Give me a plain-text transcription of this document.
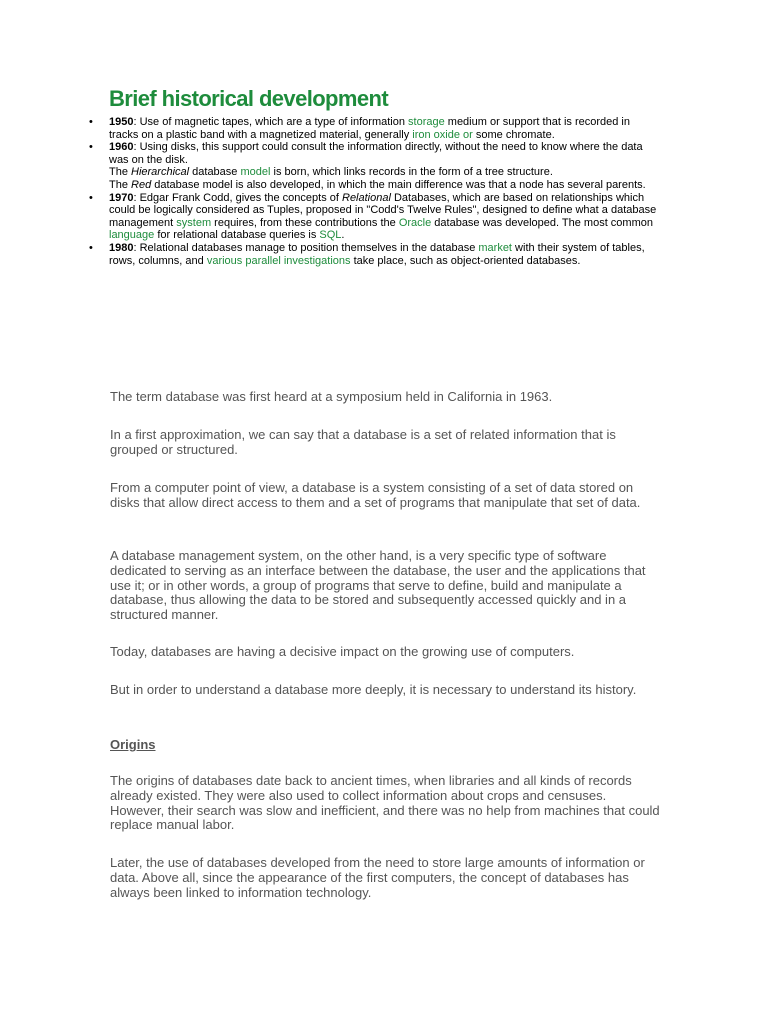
Brief historical development
• 1950: Use of magnetic tapes, which are a type of information storage medium or support that is recorded in tracks on a plastic band with a magnetized material, generally iron oxide or some chromate.
• 1960: Using disks, this support could consult the information directly, without the need to know where the data was on the disk.
The Hierarchical database model is born, which links records in the form of a tree structure.
The Red database model is also developed, in which the main difference was that a node has several parents.
• 1970: Edgar Frank Codd, gives the concepts of Relational Databases, which are based on relationships which could be logically considered as Tuples, proposed in "Codd's Twelve Rules", designed to define what a database management system requires, from these contributions the Oracle database was developed. The most common language for relational database queries is SQL.
• 1980: Relational databases manage to position themselves in the database market with their system of tables, rows, columns, and various parallel investigations take place, such as object-oriented databases.

The term database was first heard at a symposium held in California in 1963.

In a first approximation, we can say that a database is a set of related information that is grouped or structured.

From a computer point of view, a database is a system consisting of a set of data stored on disks that allow direct access to them and a set of programs that manipulate that set of data.

A database management system, on the other hand, is a very specific type of software dedicated to serving as an interface between the database, the user and the applications that use it; or in other words, a group of programs that serve to define, build and manipulate a database, thus allowing the data to be stored and subsequently accessed quickly and in a structured manner.

Today, databases are having a decisive impact on the growing use of computers.

But in order to understand a database more deeply, it is necessary to understand its history.

Origins

The origins of databases date back to ancient times, when libraries and all kinds of records already existed. They were also used to collect information about crops and censuses. However, their search was slow and inefficient, and there was no help from machines that could replace manual labor.

Later, the use of databases developed from the need to store large amounts of information or data. Above all, since the appearance of the first computers, the concept of databases has always been linked to information technology.
